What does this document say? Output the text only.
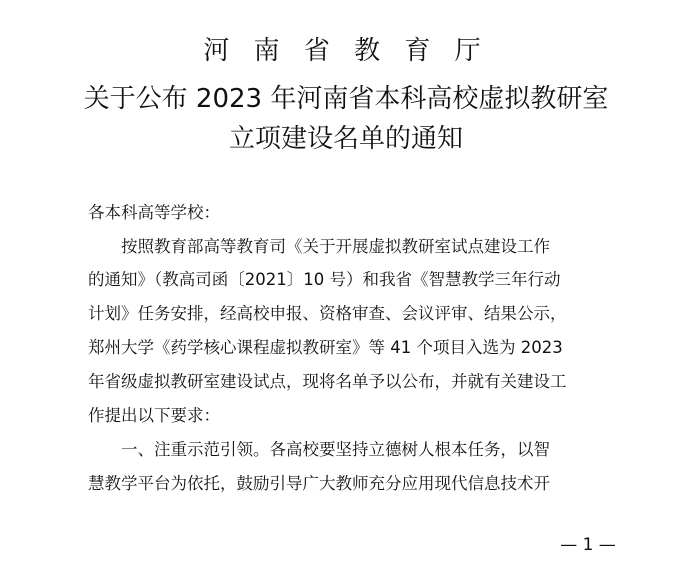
河 南 省 教 育 厅
关于公布 2023 年河南省本科高校虚拟教研室
立项建设名单的通知
各本科高等学校：
　　按照教育部高等教育司《关于开展虚拟教研室试点建设工作
的通知》（教高司函〔2021〕10 号）和我省《智慧教学三年行动
计划》任务安排，经高校申报、资格审查、会议评审、结果公示，
郑州大学《药学核心课程虚拟教研室》等 41 个项目入选为 2023
年省级虚拟教研室建设试点，现将名单予以公布，并就有关建设工
作提出以下要求：
　　一、注重示范引领。各高校要坚持立德树人根本任务，以智
慧教学平台为依托，鼓励引导广大教师充分应用现代信息技术开
— 1 —
